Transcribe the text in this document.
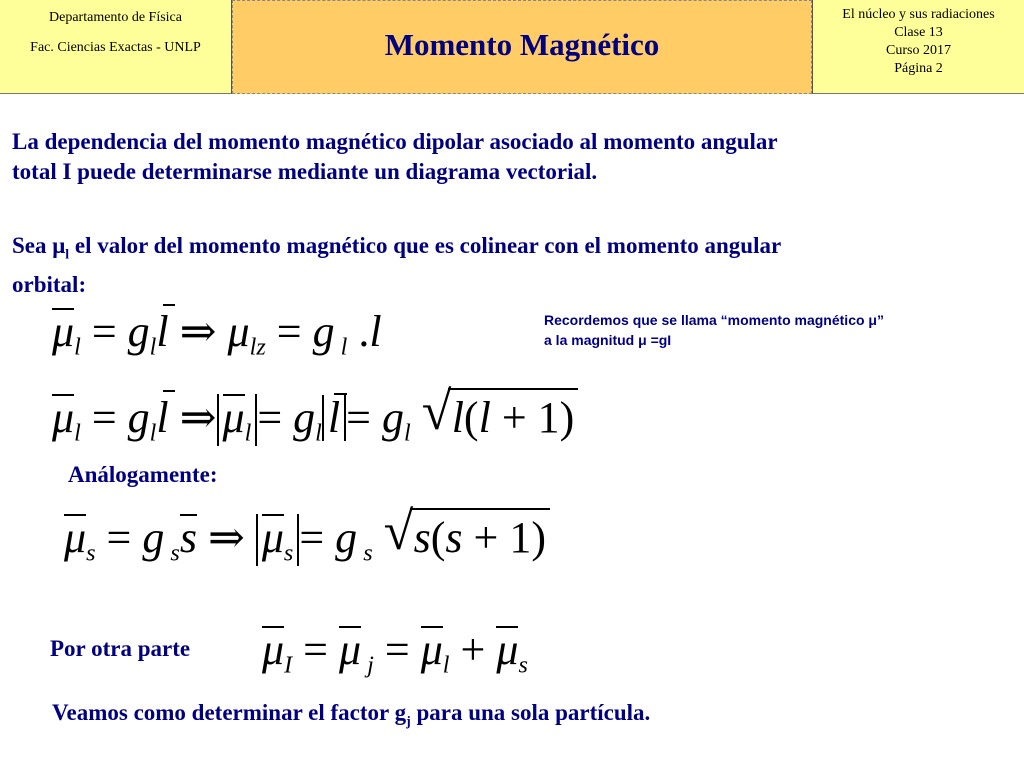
Departamento de Física
Fac. Ciencias Exactas - UNLP	Momento Magnético
El núcleo y sus radiaciones
Clase 13
Curso 2017
Página 2
La dependencia del momento magnético dipolar asociado al momento angular
total I puede determinarse mediante un diagrama vectorial.
Sea $\mu_l$ el valor del momento magnético que es colinear con el momento angular
orbital:
Recordemos que se llama “momento magnético μ”
a la magnitud μ =gI
$\mu_l = g_ll$ ⇒ $\mu_{lz} = g$ $_l$ .l
$\mu_l = g_ll$ ⇒ $\mu_l = g_l$ $l = g_l$ √ l(l + 1)
Análogamente:
$\mu_s = g$ $_s$s ⇒ $\mu_s = g$ $_s$ √ s(s + 1)
Por otra parte $\mu_I = \mu$ $_j = \mu_l + \mu_s$
Veamos como determinar el factor $g_j$ para una sola partícula.
